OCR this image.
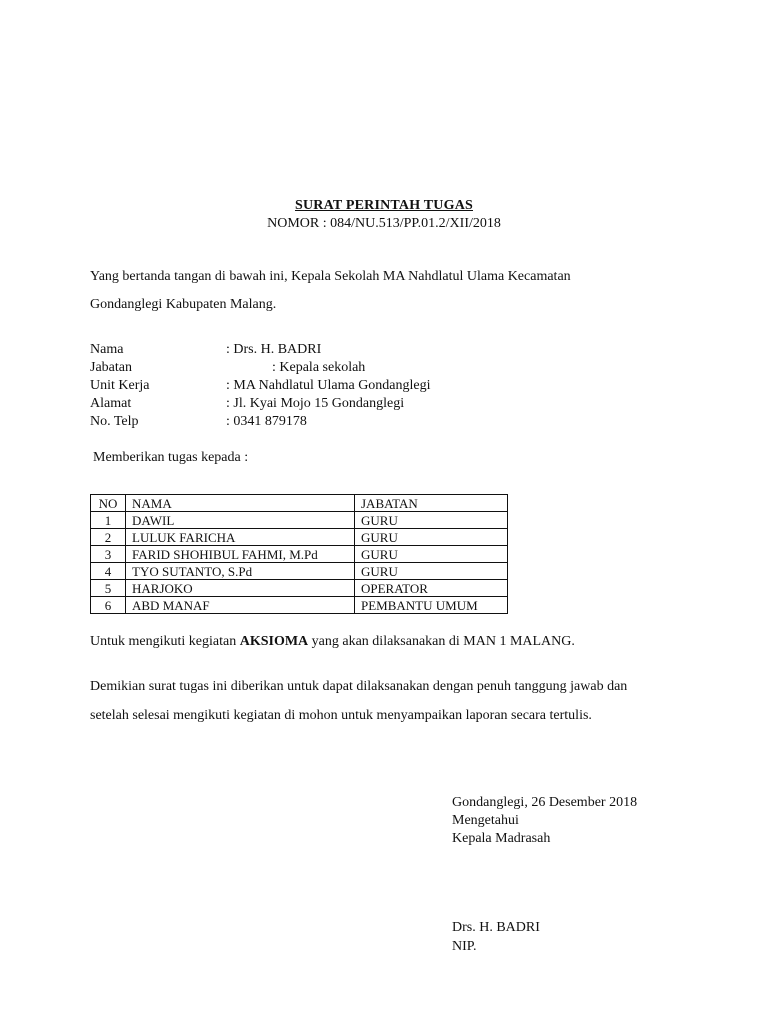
SURAT PERINTAH TUGAS
NOMOR : 084/NU.513/PP.01.2/XII/2018
Yang bertanda tangan di bawah ini, Kepala Sekolah MA Nahdlatul Ulama Kecamatan
Gondanglegi Kabupaten Malang.
Nama	: Drs. H. BADRI
Jabatan	: Kepala sekolah
Unit Kerja	: MA Nahdlatul Ulama Gondanglegi
Alamat	: Jl. Kyai Mojo 15 Gondanglegi
No. Telp	: 0341 879178
Memberikan tugas kepada :
NO	NAMA	JABATAN
1	DAWIL	GURU
2	LULUK FARICHA	GURU
3	FARID SHOHIBUL FAHMI, M.Pd	GURU
4	TYO SUTANTO, S.Pd	GURU
5	HARJOKO	OPERATOR
6	ABD MANAF	PEMBANTU UMUM
Untuk mengikuti kegiatan AKSIOMA yang akan dilaksanakan di MAN 1 MALANG.
Demikian surat tugas ini diberikan untuk dapat dilaksanakan dengan penuh tanggung jawab dan
setelah selesai mengikuti kegiatan di mohon untuk menyampaikan laporan secara tertulis.
Gondanglegi, 26 Desember 2018
Mengetahui
Kepala Madrasah
Drs. H. BADRI
NIP.
